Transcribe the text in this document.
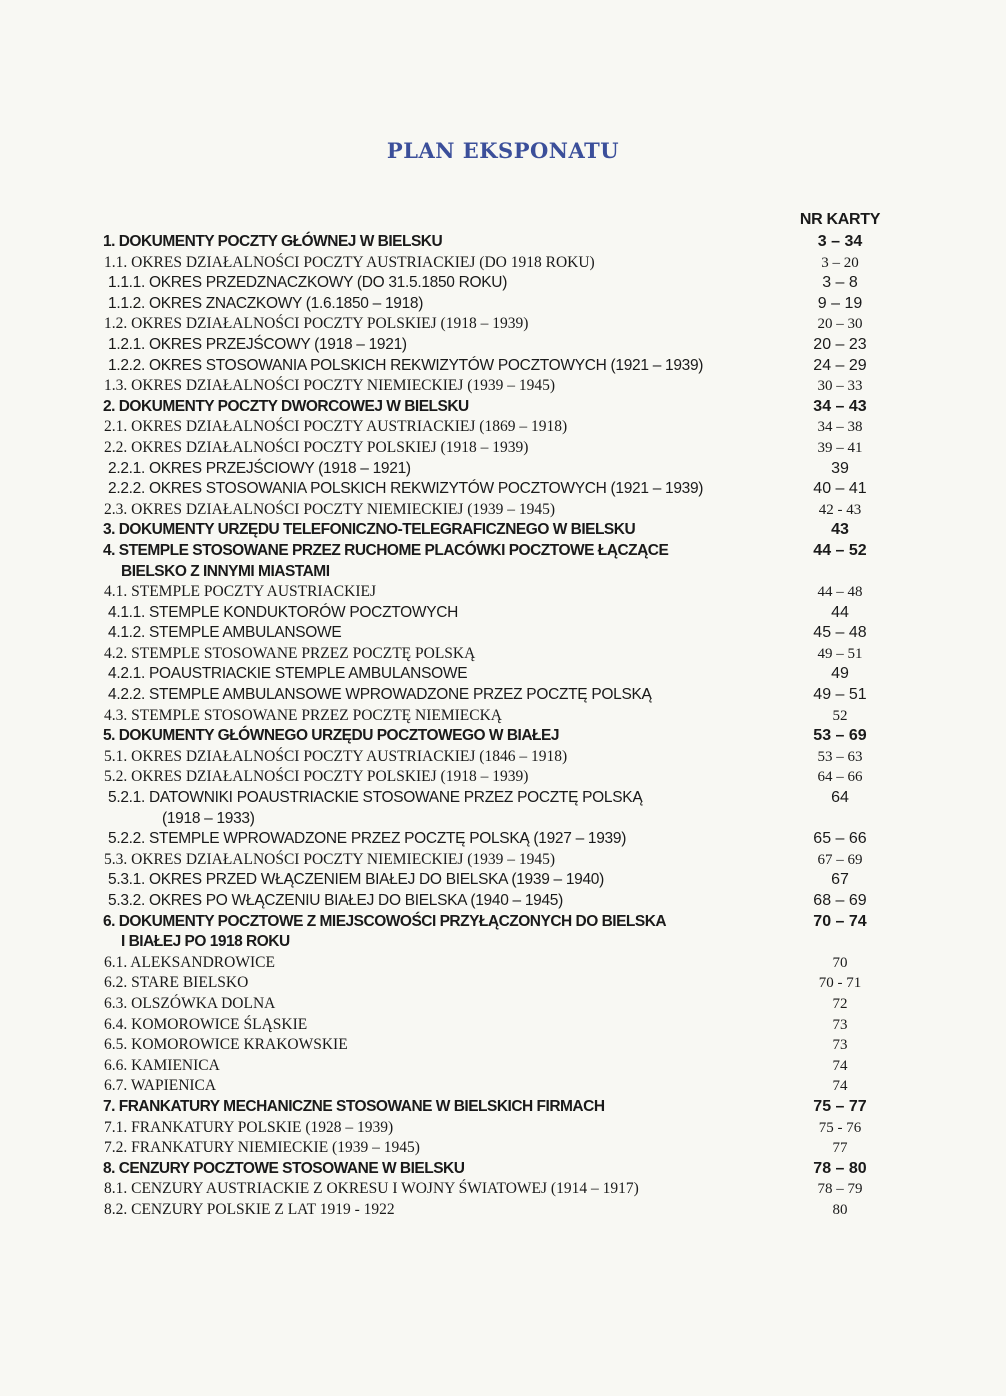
PLAN EKSPONATU
NR KARTY
1. DOKUMENTY POCZTY GŁÓWNEJ W BIELSKU	3 – 34
1.1. OKRES DZIAŁALNOŚCI POCZTY AUSTRIACKIEJ (DO 1918 ROKU)	3 – 20
1.1.1. OKRES PRZEDZNACZKOWY (DO 31.5.1850 ROKU)	3 – 8
1.1.2. OKRES ZNACZKOWY (1.6.1850 – 1918)	9 – 19
1.2. OKRES DZIAŁALNOŚCI POCZTY POLSKIEJ (1918 – 1939)	20 – 30
1.2.1. OKRES PRZEJŚCOWY (1918 – 1921)	20 – 23
1.2.2. OKRES STOSOWANIA POLSKICH REKWIZYTÓW POCZTOWYCH (1921 – 1939)	24 – 29
1.3. OKRES DZIAŁALNOŚCI POCZTY NIEMIECKIEJ (1939 – 1945)	30 – 33
2. DOKUMENTY POCZTY DWORCOWEJ W BIELSKU	34 – 43
2.1. OKRES DZIAŁALNOŚCI POCZTY AUSTRIACKIEJ (1869 – 1918)	34 – 38
2.2. OKRES DZIAŁALNOŚCI POCZTY POLSKIEJ (1918 – 1939)	39 – 41
2.2.1. OKRES PRZEJŚCIOWY (1918 – 1921)	39
2.2.2. OKRES STOSOWANIA POLSKICH REKWIZYTÓW POCZTOWYCH (1921 – 1939)	40 – 41
2.3. OKRES DZIAŁALNOŚCI POCZTY NIEMIECKIEJ (1939 – 1945)	42 - 43
3. DOKUMENTY URZĘDU TELEFONICZNO-TELEGRAFICZNEGO W BIELSKU	43
4. STEMPLE STOSOWANE PRZEZ RUCHOME PLACÓWKI POCZTOWE ŁĄCZĄCE	44 – 52
BIELSKO Z INNYMI MIASTAMI
4.1. STEMPLE POCZTY AUSTRIACKIEJ	44 – 48
4.1.1. STEMPLE KONDUKTORÓW POCZTOWYCH	44
4.1.2. STEMPLE AMBULANSOWE	45 – 48
4.2. STEMPLE STOSOWANE PRZEZ POCZTĘ POLSKĄ	49 – 51
4.2.1. POAUSTRIACKIE STEMPLE AMBULANSOWE	49
4.2.2. STEMPLE AMBULANSOWE WPROWADZONE PRZEZ POCZTĘ POLSKĄ	49 – 51
4.3. STEMPLE STOSOWANE PRZEZ POCZTĘ NIEMIECKĄ	52
5. DOKUMENTY GŁÓWNEGO URZĘDU POCZTOWEGO W BIAŁEJ	53 – 69
5.1. OKRES DZIAŁALNOŚCI POCZTY AUSTRIACKIEJ (1846 – 1918)	53 – 63
5.2. OKRES DZIAŁALNOŚCI POCZTY POLSKIEJ (1918 – 1939)	64 – 66
5.2.1. DATOWNIKI POAUSTRIACKIE STOSOWANE PRZEZ POCZTĘ POLSKĄ	64
(1918 – 1933)
5.2.2. STEMPLE WPROWADZONE PRZEZ POCZTĘ POLSKĄ (1927 – 1939)	65 – 66
5.3. OKRES DZIAŁALNOŚCI POCZTY NIEMIECKIEJ (1939 – 1945)	67 – 69
5.3.1. OKRES PRZED WŁĄCZENIEM BIAŁEJ DO BIELSKA (1939 – 1940)	67
5.3.2. OKRES PO WŁĄCZENIU BIAŁEJ DO BIELSKA (1940 – 1945)	68 – 69
6. DOKUMENTY POCZTOWE Z MIEJSCOWOŚCI PRZYŁĄCZONYCH DO BIELSKA	70 – 74
I BIAŁEJ PO 1918 ROKU
6.1. ALEKSANDROWICE	70
6.2. STARE BIELSKO	70 - 71
6.3. OLSZÓWKA DOLNA	72
6.4. KOMOROWICE ŚLĄSKIE	73
6.5. KOMOROWICE KRAKOWSKIE	73
6.6. KAMIENICA	74
6.7. WAPIENICA	74
7. FRANKATURY MECHANICZNE STOSOWANE W BIELSKICH FIRMACH	75 – 77
7.1. FRANKATURY POLSKIE (1928 – 1939)	75 - 76
7.2. FRANKATURY NIEMIECKIE (1939 – 1945)	77
8. CENZURY POCZTOWE STOSOWANE W BIELSKU	78 – 80
8.1. CENZURY AUSTRIACKIE Z OKRESU I WOJNY ŚWIATOWEJ (1914 – 1917)	78 – 79
8.2. CENZURY POLSKIE Z LAT 1919 - 1922	80
